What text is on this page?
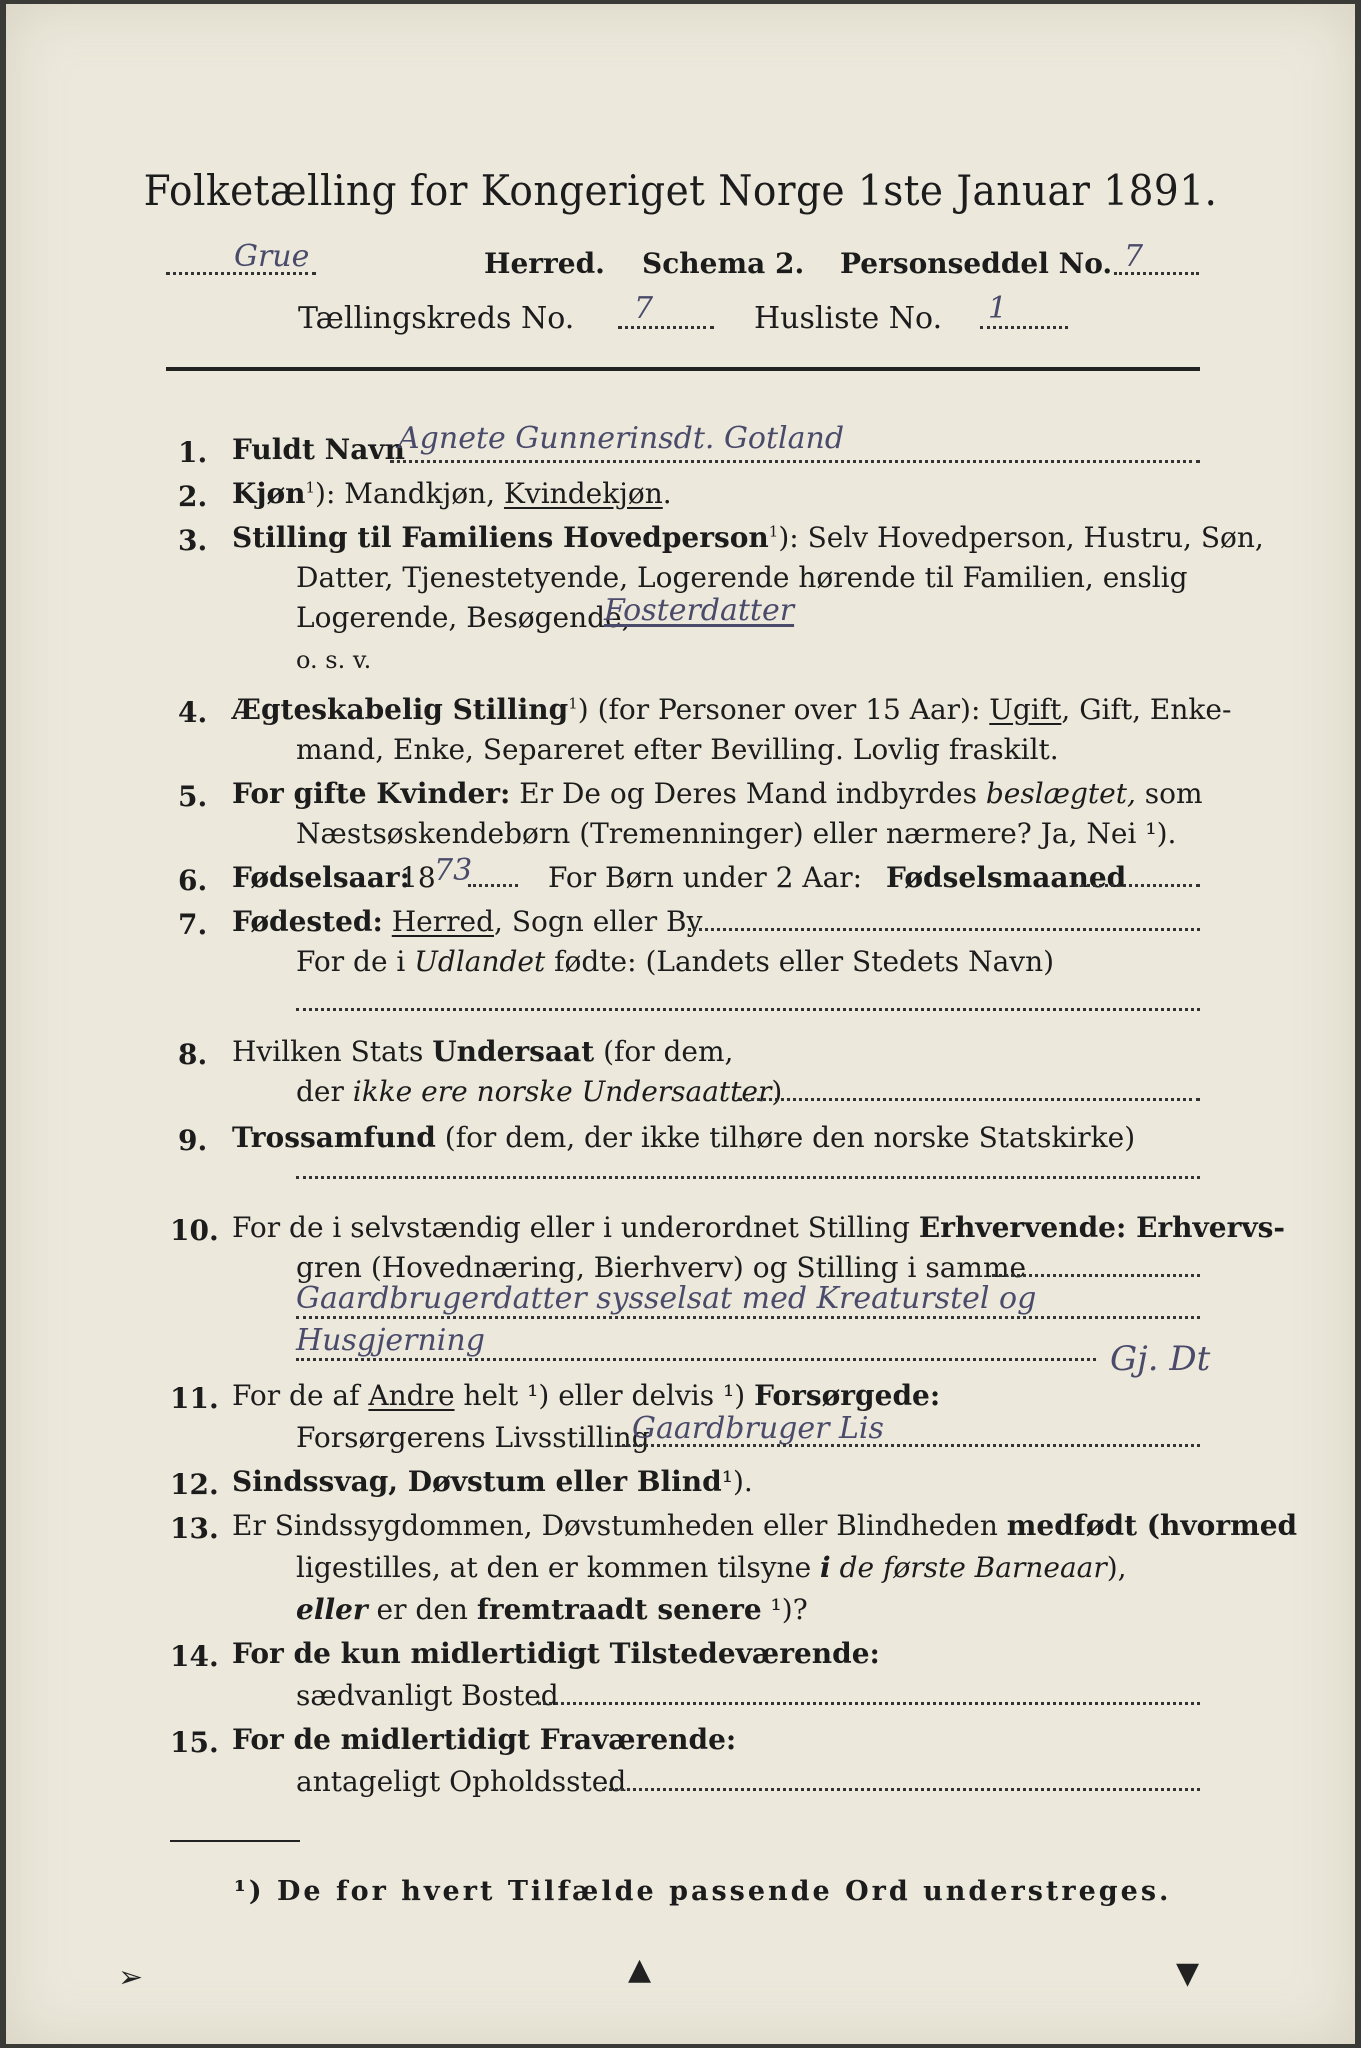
Folketælling for Kongeriget Norge 1ste Januar 1891.
Grue	Herred. Schema 2. Personseddel No. 7
Tællingskreds No. 7	Husliste No. 1
1. Fuldt Navn
Agnete Gunnerinsdt. Gotland
2. Kjøn$^1$): Mandkjøn, Kvindekjøn.
3. Stilling til Familiens Hovedperson$^1$): Selv Hovedperson, Hustru, Søn,
Datter, Tjenestetyende, Logerende hørende til Familien, enslig
Logerende, Besøgende,
Fosterdatter
o. s. v.
4. Ægteskabelig Stilling$^1$) (for Personer over 15 Aar): Ugift, Gift, Enke-
mand, Enke, Separeret efter Bevilling. Lovlig fraskilt.
5. For gifte Kvinder: Er De og Deres Mand indbyrdes beslægtet, som
Næstsøskendebørn (Tremenninger) eller nærmere? Ja, Nei ¹).
6. Fødselsaar:
18
73	For Børn under 2 Aar: Fødselsmaaned
7. Fødested: Herred, Sogn eller By
For de i Udlandet fødte: (Landets eller Stedets Navn)
8. Hvilken Stats Undersaat (for dem,
der ikke ere norske Undersaatter)
9. Trossamfund (for dem, der ikke tilhøre den norske Statskirke)
10. For de i selvstændig eller i underordnet Stilling Erhvervende: Erhvervs-
gren (Hovednæring, Bierhverv) og Stilling i samme
Gaardbrugerdatter sysselsat med Kreaturstel og
Husgjerning	Gj. Dt
11. For de af Andre helt ¹) eller delvis ¹) Forsørgede:
Forsørgerens Livsstilling
Gaardbruger Lis
12. Sindssvag, Døvstum eller Blind¹).
13. Er Sindssygdommen, Døvstumheden eller Blindheden medfødt (hvormed
ligestilles, at den er kommen tilsyne i de første Barneaar),
eller er den fremtraadt senere ¹)?
14. For de kun midlertidigt Tilstedeværende:
sædvanligt Bosted
15. For de midlertidigt Fraværende:
antageligt Opholdssted
¹) De for hvert Tilfælde passende Ord understreges.
➢	▲	▼
